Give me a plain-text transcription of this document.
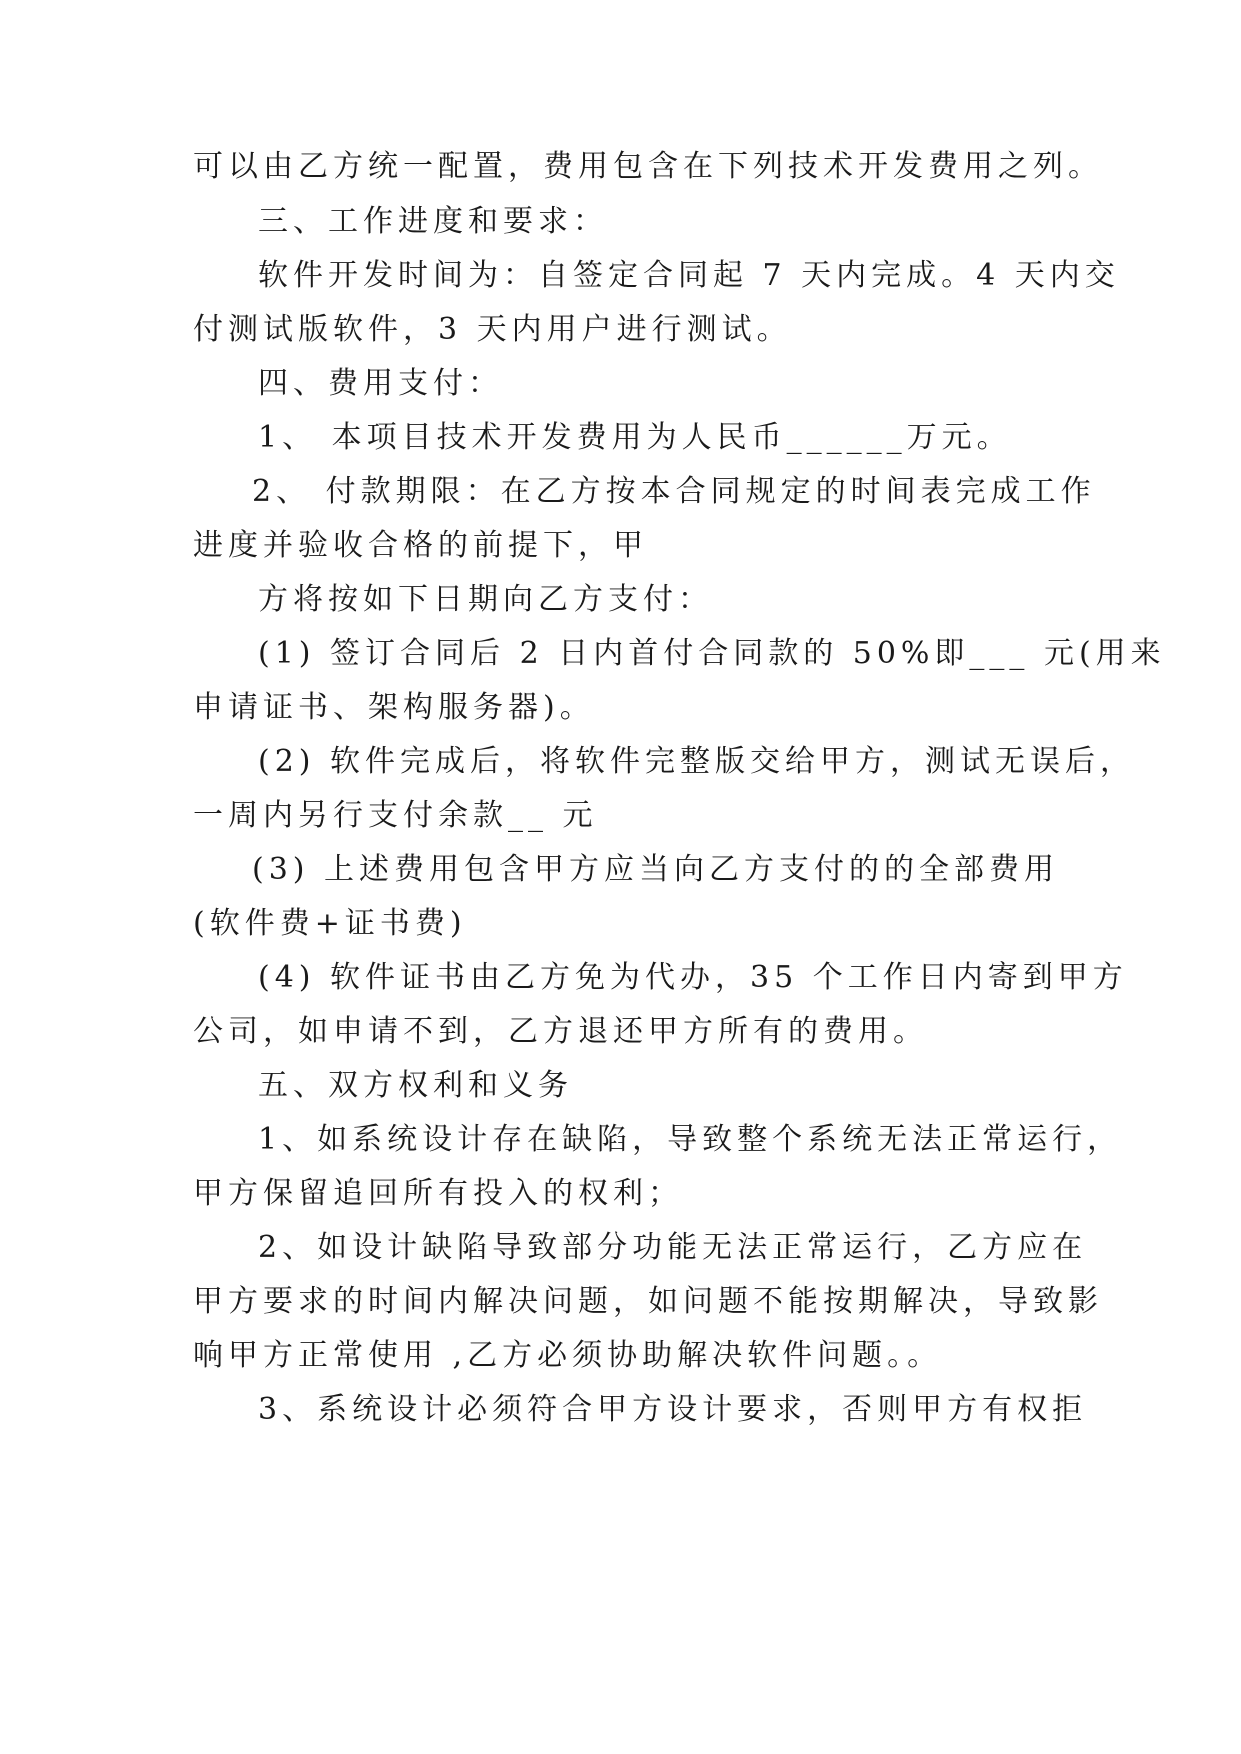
可以由乙方统一配置，费用包含在下列技术开发费用之列。
三、工作进度和要求：
软件开发时间为：自签定合同起 7 天内完成。4 天内交
付测试版软件，3 天内用户进行测试。
四、费用支付：
1、 本项目技术开发费用为人民币______万元。
2、 付款期限：在乙方按本合同规定的时间表完成工作
进度并验收合格的前提下，甲
方将按如下日期向乙方支付：
(1) 签订合同后 2 日内首付合同款的 50%即___ 元(用来
申请证书、架构服务器)。
(2) 软件完成后，将软件完整版交给甲方，测试无误后，
一周内另行支付余款__ 元
(3) 上述费用包含甲方应当向乙方支付的的全部费用
(软件费+证书费)
(4) 软件证书由乙方免为代办，35 个工作日内寄到甲方
公司，如申请不到，乙方退还甲方所有的费用。
五、双方权利和义务
1、如系统设计存在缺陷，导致整个系统无法正常运行，
甲方保留追回所有投入的权利；
2、如设计缺陷导致部分功能无法正常运行，乙方应在
甲方要求的时间内解决问题，如问题不能按期解决，导致影
响甲方正常使用 ,乙方必须协助解决软件问题。。
3、系统设计必须符合甲方设计要求，否则甲方有权拒
